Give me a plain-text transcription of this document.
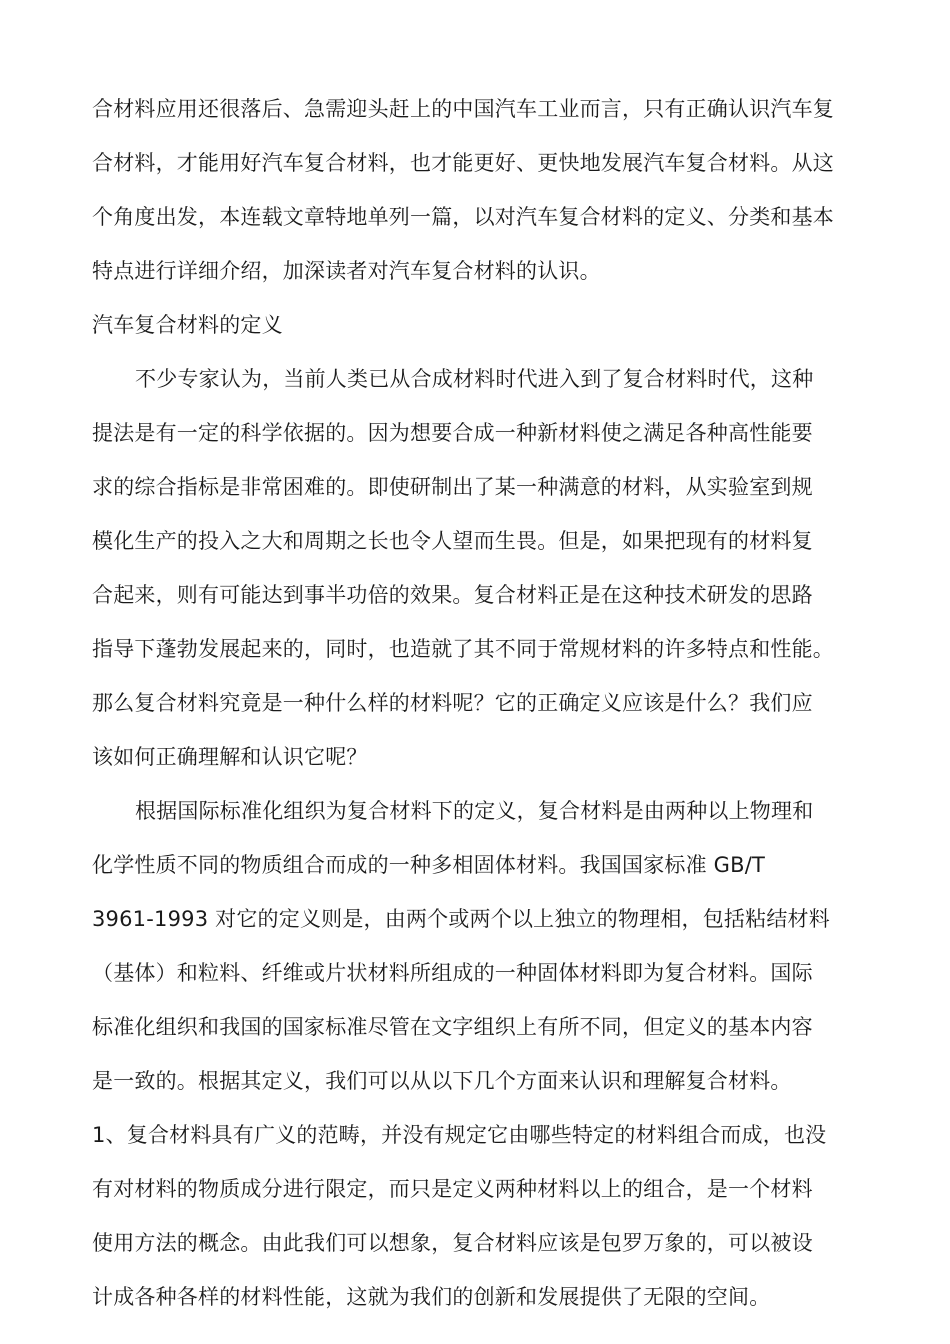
合材料应用还很落后、急需迎头赶上的中国汽车工业而言，只有正确认识汽车复
合材料，才能用好汽车复合材料，也才能更好、更快地发展汽车复合材料。从这
个角度出发，本连载文章特地单列一篇，以对汽车复合材料的定义、分类和基本
特点进行详细介绍，加深读者对汽车复合材料的认识。
汽车复合材料的定义
不少专家认为，当前人类已从合成材料时代进入到了复合材料时代，这种
提法是有一定的科学依据的。因为想要合成一种新材料使之满足各种高性能要
求的综合指标是非常困难的。即使研制出了某一种满意的材料，从实验室到规
模化生产的投入之大和周期之长也令人望而生畏。但是，如果把现有的材料复
合起来，则有可能达到事半功倍的效果。复合材料正是在这种技术研发的思路
指导下蓬勃发展起来的，同时，也造就了其不同于常规材料的许多特点和性能。
那么复合材料究竟是一种什么样的材料呢？它的正确定义应该是什么？我们应
该如何正确理解和认识它呢？
根据国际标准化组织为复合材料下的定义，复合材料是由两种以上物理和
化学性质不同的物质组合而成的一种多相固体材料。我国国家标准 GB/T
3961-1993 对它的定义则是，由两个或两个以上独立的物理相，包括粘结材料
（基体）和粒料、纤维或片状材料所组成的一种固体材料即为复合材料。国际
标准化组织和我国的国家标准尽管在文字组织上有所不同，但定义的基本内容
是一致的。根据其定义，我们可以从以下几个方面来认识和理解复合材料。
1、复合材料具有广义的范畴，并没有规定它由哪些特定的材料组合而成，也没
有对材料的物质成分进行限定，而只是定义两种材料以上的组合，是一个材料
使用方法的概念。由此我们可以想象，复合材料应该是包罗万象的，可以被设
计成各种各样的材料性能，这就为我们的创新和发展提供了无限的空间。
